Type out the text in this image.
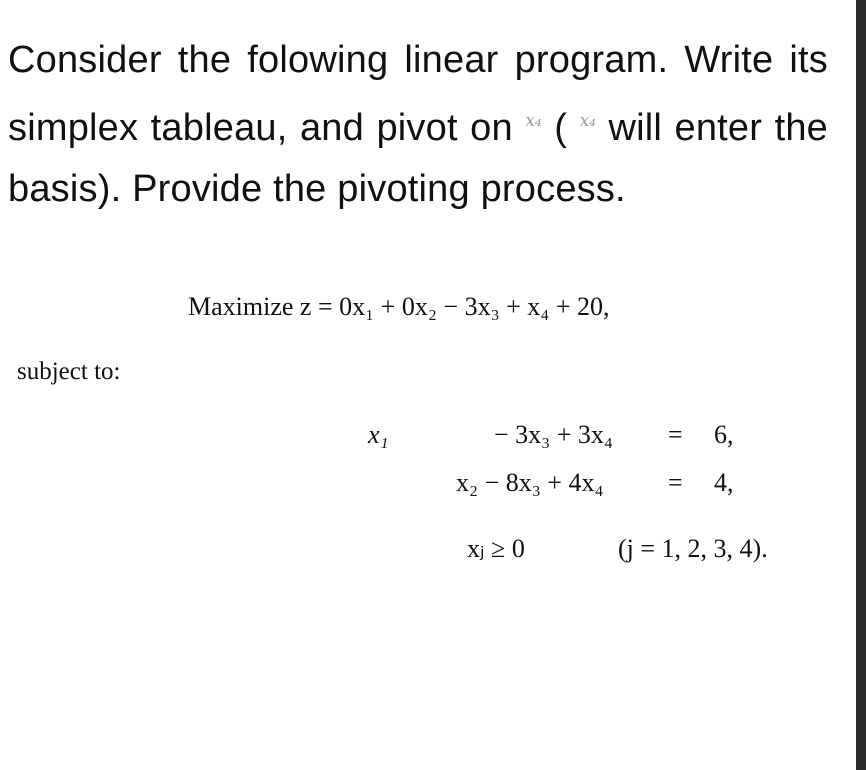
Consider the folowing linear program. Write its simplex tableau, and pivot on $^{x_4}$ ( $^{x_4}$ will enter the basis). Provide the pivoting process.

Maximize z = 0x₁ + 0x₂ − 3x₃ + x₄ + 20,
subject to:
x₁	− 3x₃ + 3x₄ = 6,
x₂ − 8x₃ + 4x₄ = 4,
xⱼ ≥ 0	(j = 1, 2, 3, 4).
